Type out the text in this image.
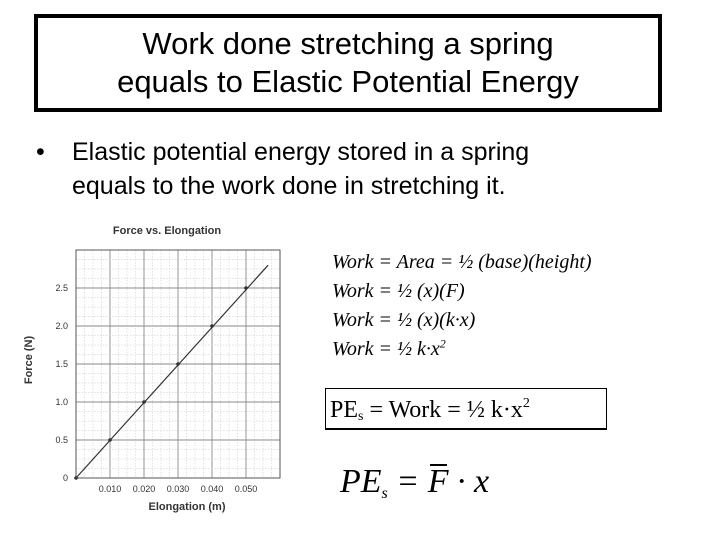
Work done stretching a spring
equals to Elastic Potential Energy
• Elastic potential energy stored in a spring
equals to the work done in stretching it.
Force vs. Elongation
0.010 0.020 0.030 0.040 0.050
0.5
1.0
1.5
2.0
2.5
0
Elongation (m)
Force (N)
Work = Area = ½ (base)(height)
Work = ½ (x)(F)
Work = ½ (x)(k·x)
Work = ½ $k\cdot x^2$
$PE_s$ = Work = ½ $k\cdot x^2$
$PE_s = F \cdot x$
